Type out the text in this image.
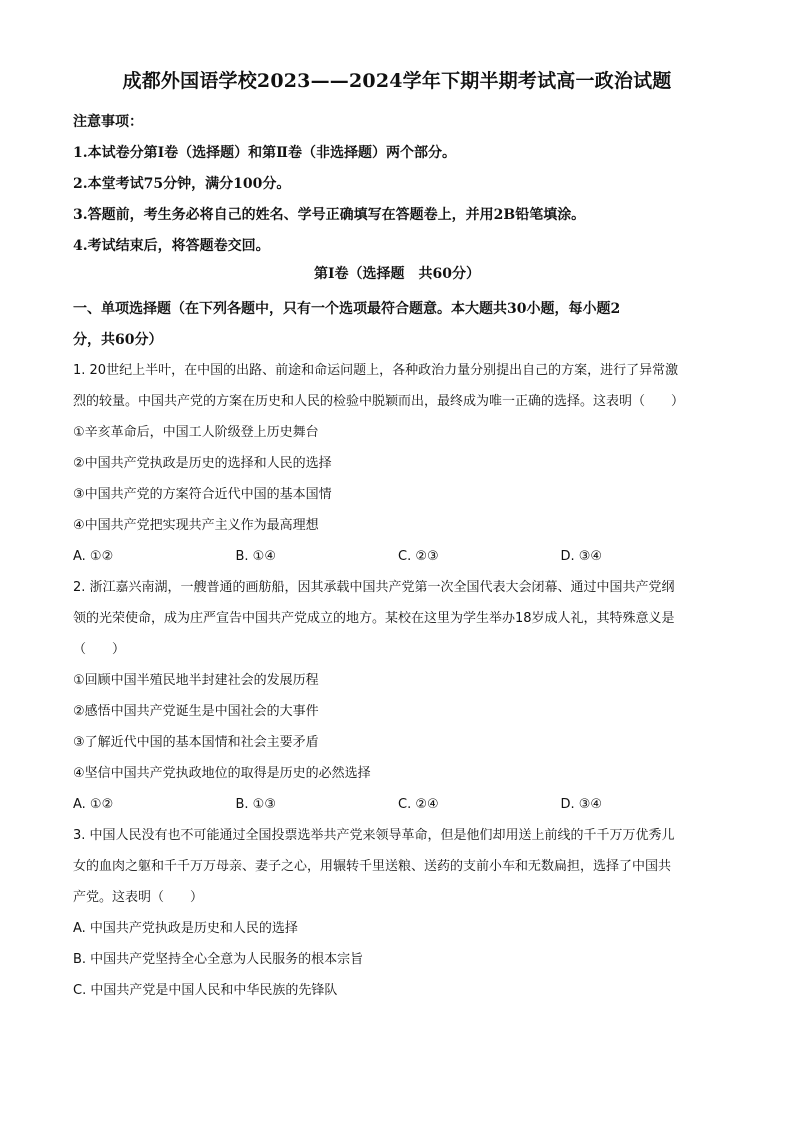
成都外国语学校2023——2024学年下期半期考试高一政治试题
注意事项：
1.本试卷分第Ⅰ卷（选择题）和第Ⅱ卷（非选择题）两个部分。
2.本堂考试75分钟，满分100分。
3.答题前，考生务必将自己的姓名、学号正确填写在答题卷上，并用2B铅笔填涂。
4.考试结束后，将答题卷交回。
第Ⅰ卷（选择题　共60分）
一、单项选择题（在下列各题中，只有一个选项最符合题意。本大题共30小题，每小题2
分，共60分）
1. 20世纪上半叶，在中国的出路、前途和命运问题上，各种政治力量分别提出自己的方案，进行了异常激
烈的较量。中国共产党的方案在历史和人民的检验中脱颖而出，最终成为唯一正确的选择。这表明（　　）
①辛亥革命后，中国工人阶级登上历史舞台
②中国共产党执政是历史的选择和人民的选择
③中国共产党的方案符合近代中国的基本国情
④中国共产党把实现共产主义作为最高理想
A. ①②	B. ①④	C. ②③	D. ③④
2. 浙江嘉兴南湖，一艘普通的画舫船，因其承载中国共产党第一次全国代表大会闭幕、通过中国共产党纲
领的光荣使命，成为庄严宣告中国共产党成立的地方。某校在这里为学生举办18岁成人礼，其特殊意义是
（　　）
①回顾中国半殖民地半封建社会的发展历程
②感悟中国共产党诞生是中国社会的大事件
③了解近代中国的基本国情和社会主要矛盾
④坚信中国共产党执政地位的取得是历史的必然选择
A. ①②	B. ①③	C. ②④	D. ③④
3. 中国人民没有也不可能通过全国投票选举共产党来领导革命，但是他们却用送上前线的千千万万优秀儿
女的血肉之躯和千千万万母亲、妻子之心，用辗转千里送粮、送药的支前小车和无数扁担，选择了中国共
产党。这表明（　　）
A. 中国共产党执政是历史和人民的选择
B. 中国共产党坚持全心全意为人民服务的根本宗旨
C. 中国共产党是中国人民和中华民族的先锋队
